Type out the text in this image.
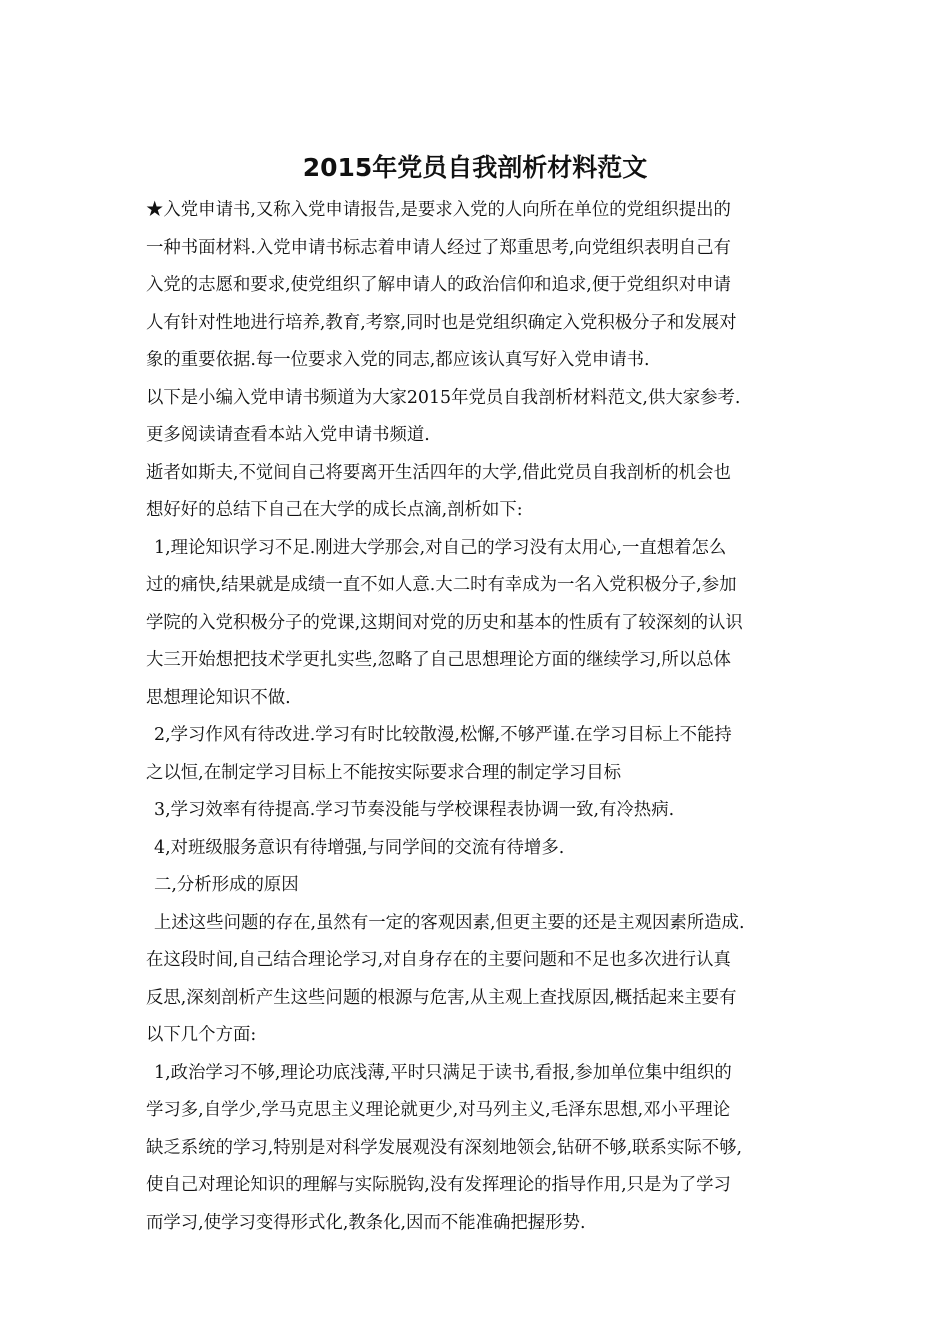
2015年党员自我剖析材料范文
★入党申请书,又称入党申请报告,是要求入党的人向所在单位的党组织提出的
一种书面材料.入党申请书标志着申请人经过了郑重思考,向党组织表明自己有
入党的志愿和要求,使党组织了解申请人的政治信仰和追求,便于党组织对申请
人有针对性地进行培养,教育,考察,同时也是党组织确定入党积极分子和发展对
象的重要依据.每一位要求入党的同志,都应该认真写好入党申请书.
以下是小编入党申请书频道为大家2015年党员自我剖析材料范文,供大家参考.
更多阅读请查看本站入党申请书频道.
逝者如斯夫,不觉间自己将要离开生活四年的大学,借此党员自我剖析的机会也
想好好的总结下自己在大学的成长点滴,剖析如下:
1,理论知识学习不足.刚进大学那会,对自己的学习没有太用心,一直想着怎么
过的痛快,结果就是成绩一直不如人意.大二时有幸成为一名入党积极分子,参加
学院的入党积极分子的党课,这期间对党的历史和基本的性质有了较深刻的认识
大三开始想把技术学更扎实些,忽略了自己思想理论方面的继续学习,所以总体
思想理论知识不做.
2,学习作风有待改进.学习有时比较散漫,松懈,不够严谨.在学习目标上不能持
之以恒,在制定学习目标上不能按实际要求合理的制定学习目标
3,学习效率有待提高.学习节奏没能与学校课程表协调一致,有冷热病.
4,对班级服务意识有待增强,与同学间的交流有待增多.
二,分析形成的原因
上述这些问题的存在,虽然有一定的客观因素,但更主要的还是主观因素所造成.
在这段时间,自己结合理论学习,对自身存在的主要问题和不足也多次进行认真
反思,深刻剖析产生这些问题的根源与危害,从主观上查找原因,概括起来主要有
以下几个方面:
1,政治学习不够,理论功底浅薄,平时只满足于读书,看报,参加单位集中组织的
学习多,自学少,学马克思主义理论就更少,对马列主义,毛泽东思想,邓小平理论
缺乏系统的学习,特别是对科学发展观没有深刻地领会,钻研不够,联系实际不够,
使自己对理论知识的理解与实际脱钩,没有发挥理论的指导作用,只是为了学习
而学习,使学习变得形式化,教条化,因而不能准确把握形势.
